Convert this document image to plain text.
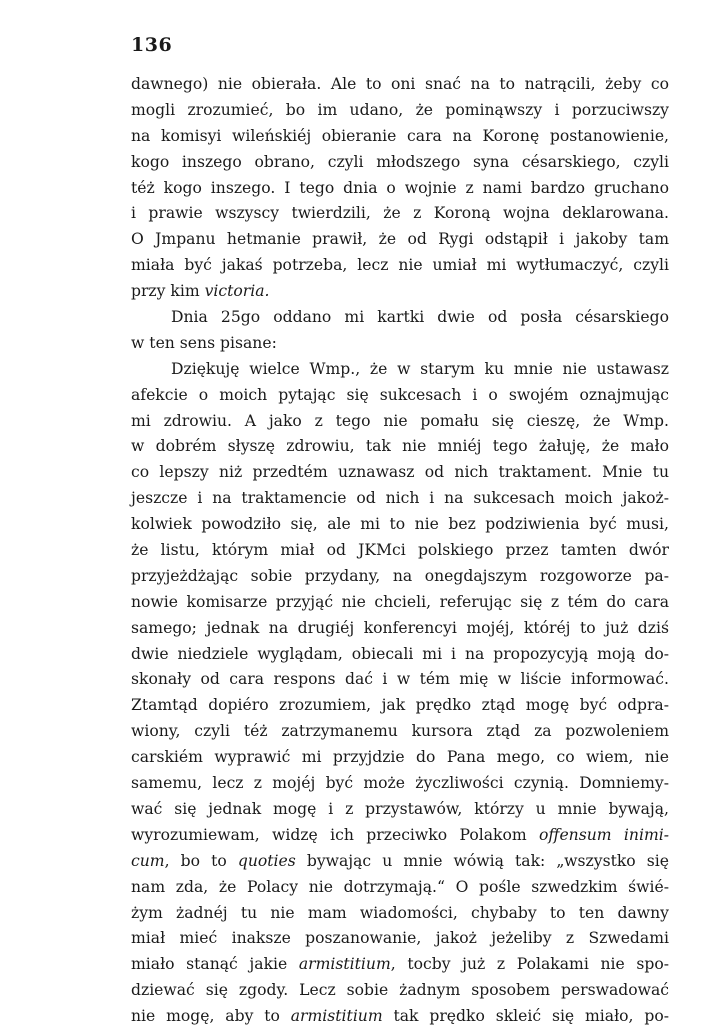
136
dawnego) nie obierała. Ale to oni snać na to natrącili, żeby co
mogli zrozumieć, bo im udano, że pominąwszy i porzuciwszy
na komisyi wileńskiéj obieranie cara na Koronę postanowienie,
kogo inszego obrano, czyli młodszego syna césarskiego, czyli
téż kogo inszego. I tego dnia o wojnie z nami bardzo gruchano
i prawie wszyscy twierdzili, że z Koroną wojna deklarowana.
O Jmpanu hetmanie prawił, że od Rygi odstąpił i jakoby tam
miała być jakaś potrzeba, lecz nie umiał mi wytłumaczyć, czyli
przy kim victoria.
Dnia 25go oddano mi kartki dwie od posła césarskiego
w ten sens pisane:
Dziękuję wielce Wmp., że w starym ku mnie nie ustawasz
afekcie o moich pytając się sukcesach i o swojém oznajmując
mi zdrowiu. A jako z tego nie pomału się cieszę, że Wmp.
w dobrém słyszę zdrowiu, tak nie mniéj tego żałuję, że mało
co lepszy niż przedtém uznawasz od nich traktament. Mnie tu
jeszcze i na traktamencie od nich i na sukcesach moich jakoż-
kolwiek powodziło się, ale mi to nie bez podziwienia być musi,
że listu, którym miał od JKMci polskiego przez tamten dwór
przyjeżdżając sobie przydany, na onegdajszym rozgoworze pa-
nowie komisarze przyjąć nie chcieli, referując się z tém do cara
samego; jednak na drugiéj konferencyi mojéj, któréj to już dziś
dwie niedziele wyglądam, obiecali mi i na propozycyją moją do-
skonały od cara respons dać i w tém mię w liście informować.
Ztamtąd dopiéro zrozumiem, jak prędko ztąd mogę być odpra-
wiony, czyli téż zatrzymanemu kursora ztąd za pozwoleniem
carskiém wyprawić mi przyjdzie do Pana mego, co wiem, nie
samemu, lecz z mojéj być może życzliwości czynią. Domniemy-
wać się jednak mogę i z przystawów, którzy u mnie bywają,
wyrozumiewam, widzę ich przeciwko Polakom offensum inimi-
cum, bo to quoties bywając u mnie wówią tak: „wszystko się
nam zda, że Polacy nie dotrzymają.“ O pośle szwedzkim świé-
żym żadnéj tu nie mam wiadomości, chybaby to ten dawny
miał mieć inaksze poszanowanie, jakoż jeżeliby z Szwedami
miało stanąć jakie armistitium, tocby już z Polakami nie spo-
dziewać się zgody. Lecz sobie żadnym sposobem perswadować
nie mogę, aby to armistitium tak prędko skleić się miało, po-
